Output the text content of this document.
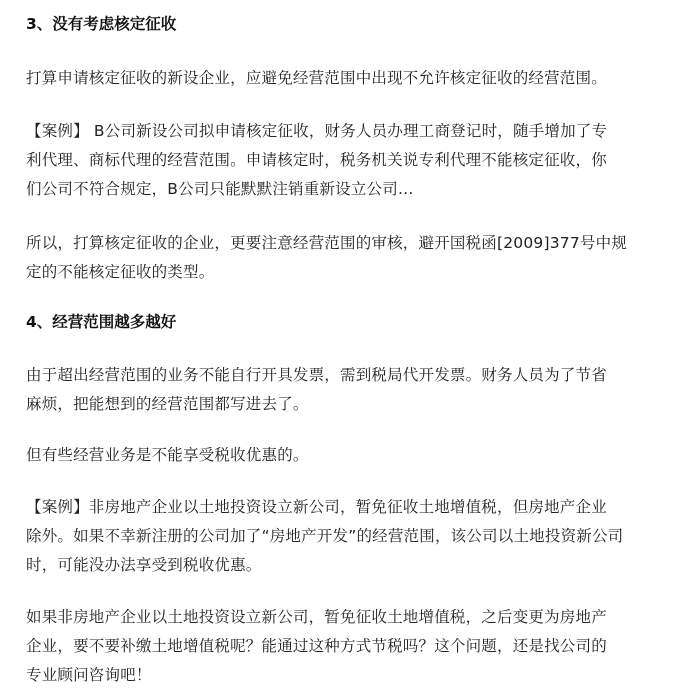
3、没有考虑核定征收
打算申请核定征收的新设企业，应避免经营范围中出现不允许核定征收的经营范围。
【案例】 B公司新设公司拟申请核定征收，财务人员办理工商登记时，随手增加了专
利代理、商标代理的经营范围。申请核定时，税务机关说专利代理不能核定征收，你
们公司不符合规定，B公司只能默默注销重新设立公司…
所以，打算核定征收的企业，更要注意经营范围的审核，避开国税函[2009]377号中规
定的不能核定征收的类型。
4、经营范围越多越好
由于超出经营范围的业务不能自行开具发票，需到税局代开发票。财务人员为了节省
麻烦，把能想到的经营范围都写进去了。
但有些经营业务是不能享受税收优惠的。
【案例】非房地产企业以土地投资设立新公司，暂免征收土地增值税，但房地产企业
除外。如果不幸新注册的公司加了“房地产开发”的经营范围，该公司以土地投资新公司
时，可能没办法享受到税收优惠。
如果非房地产企业以土地投资设立新公司，暂免征收土地增值税，之后变更为房地产
企业，要不要补缴土地增值税呢？能通过这种方式节税吗？这个问题，还是找公司的
专业顾问咨询吧！
